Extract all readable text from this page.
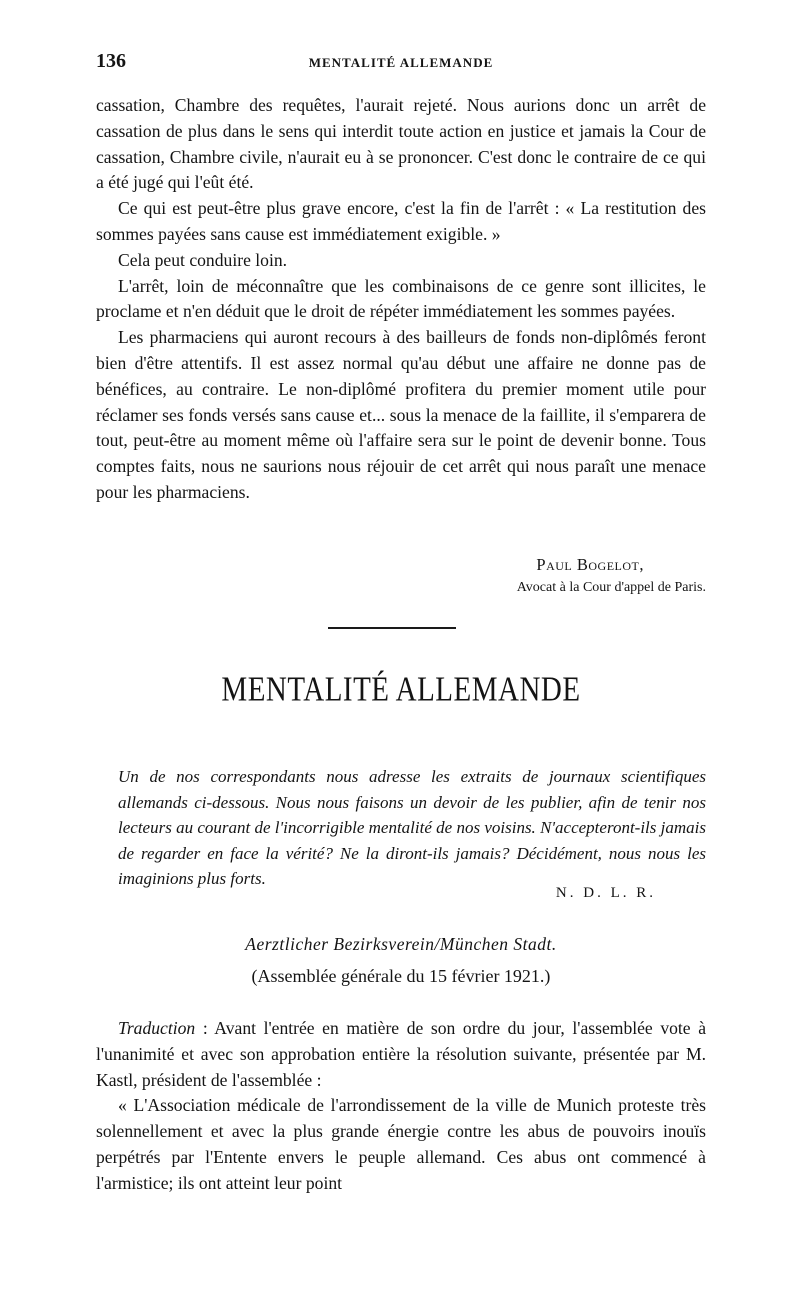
136	MENTALITÉ ALLEMANDE

cassation, Chambre des requêtes, l'aurait rejeté. Nous aurions donc un arrêt de cassation de plus dans le sens qui interdit toute action en justice et jamais la Cour de cassation, Chambre civile, n'aurait eu à se prononcer. C'est donc le contraire de ce qui a été jugé qui l'eût été.

Ce qui est peut-être plus grave encore, c'est la fin de l'arrêt : « La restitution des sommes payées sans cause est immédiatement exigible. »

Cela peut conduire loin.

L'arrêt, loin de méconnaître que les combinaisons de ce genre sont illicites, le proclame et n'en déduit que le droit de répéter immédiatement les sommes payées.

Les pharmaciens qui auront recours à des bailleurs de fonds non-diplômés feront bien d'être attentifs. Il est assez normal qu'au début une affaire ne donne pas de bénéfices, au contraire. Le non-diplômé profitera du premier moment utile pour réclamer ses fonds versés sans cause et... sous la menace de la faillite, il s'emparera de tout, peut-être au moment même où l'affaire sera sur le point de devenir bonne. Tous comptes faits, nous ne saurions nous réjouir de cet arrêt qui nous paraît une menace pour les pharmaciens.

Paul Bogelot,
Avocat à la Cour d'appel de Paris.
MENTALITÉ ALLEMANDE

Un de nos correspondants nous adresse les extraits de journaux scientifiques allemands ci-dessous. Nous nous faisons un devoir de les publier, afin de tenir nos lecteurs au courant de l'incorrigible mentalité de nos voisins. N'accepteront-ils jamais de regarder en face la vérité? Ne la diront-ils jamais? Décidément, nous nous les imaginions plus forts.

N. D. L. R.
Aerztlicher Bezirksverein/München Stadt.
(Assemblée générale du 15 février 1921.)

Traduction : Avant l'entrée en matière de son ordre du jour, l'assemblée vote à l'unanimité et avec son approbation entière la résolution suivante, présentée par M. Kastl, président de l'assemblée :

« L'Association médicale de l'arrondissement de la ville de Munich proteste très solennellement et avec la plus grande énergie contre les abus de pouvoirs inouïs perpétrés par l'Entente envers le peuple allemand. Ces abus ont commencé à l'armistice; ils ont atteint leur point
